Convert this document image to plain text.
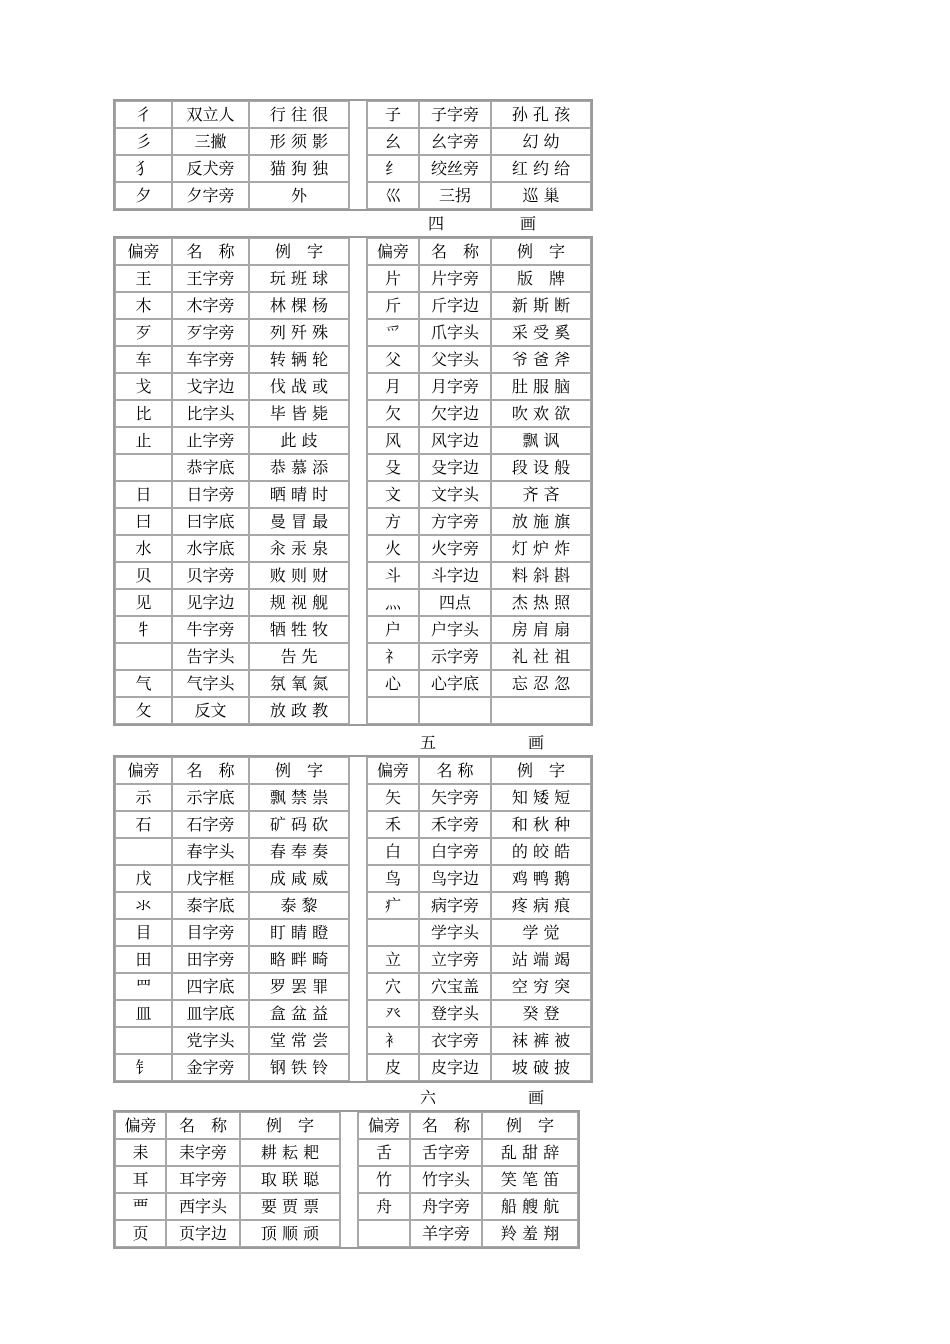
彳	双立人	行 往 很		子	子字旁	孙 孔 孩
彡	三撇	形 须 影		幺	幺字旁	幻 幼
犭	反犬旁	猫 狗 独		纟	绞丝旁	红 约 给
夕	夕字旁	外		巛	三拐	巡 巢
四	画
偏旁	名　称	例　字		偏旁	名　称	例　字
王	王字旁	玩 班 球		片	片字旁	版　牌
木	木字旁	林 棵 杨		斤	斤字边	新 斯 断
歹	歹字旁	列 歼 殊		爫	爪字头	采 受 奚
车	车字旁	转 辆 轮		父	父字头	爷 爸 斧
戈	戈字边	伐 战 或		月	月字旁	肚 服 脑
比	比字头	毕 皆 毙		欠	欠字边	吹 欢 欲
止	止字旁	此 歧		风	风字边	飘 讽
	恭字底	恭 慕 添		殳	殳字边	段 设 般
日	日字旁	晒 晴 时		文	文字头	齐 吝
曰	曰字底	曼 冒 最		方	方字旁	放 施 旗
水	水字底	汆 汞 泉		火	火字旁	灯 炉 炸
贝	贝字旁	败 则 财		斗	斗字边	料 斜 斟
见	见字边	规 视 舰		灬	四点	杰 热 照
牜	牛字旁	牺 牲 牧		户	户字头	房 肩 扇
	告字头	告 先		礻	示字旁	礼 社 祖
气	气字头	氛 氧 氮		心	心字底	忘 忍 忽
攵	反文	放 政 教				
五	画
偏旁	名　称	例　字		偏旁	名 称	例　字
示	示字底	飘 禁 祟		矢	矢字旁	知 矮 短
石	石字旁	矿 码 砍		禾	禾字旁	和 秋 种
	春字头	春 奉 奏		白	白字旁	的 皎 皓
戊	戊字框	成 咸 威		鸟	鸟字边	鸡 鸭 鹅
氺	泰字底	泰 黎		疒	病字旁	疼 病 痕
目	目字旁	盯 睛 瞪			学字头	学 觉
田	田字旁	略 畔 畸		立	立字旁	站 端 竭
罒	四字底	罗 罢 罪		穴	穴宝盖	空 穷 突
皿	皿字底	盒 盆 益		癶	登字头	癸 登
	党字头	堂 常 尝		衤	衣字旁	袜 裤 被
钅	金字旁	钢 铁 铃		皮	皮字边	坡 破 披
六	画
偏旁	名　称	例　字		偏旁	名　称	例　字
耒	耒字旁	耕 耘 耙		舌	舌字旁	乱 甜 辞
耳	耳字旁	取 联 聪		竹	竹字头	笑 笔 笛
覀	西字头	要 贾 票		舟	舟字旁	船 艘 航
页	页字边	顶 顺 顽			羊字旁	羚 羞 翔
